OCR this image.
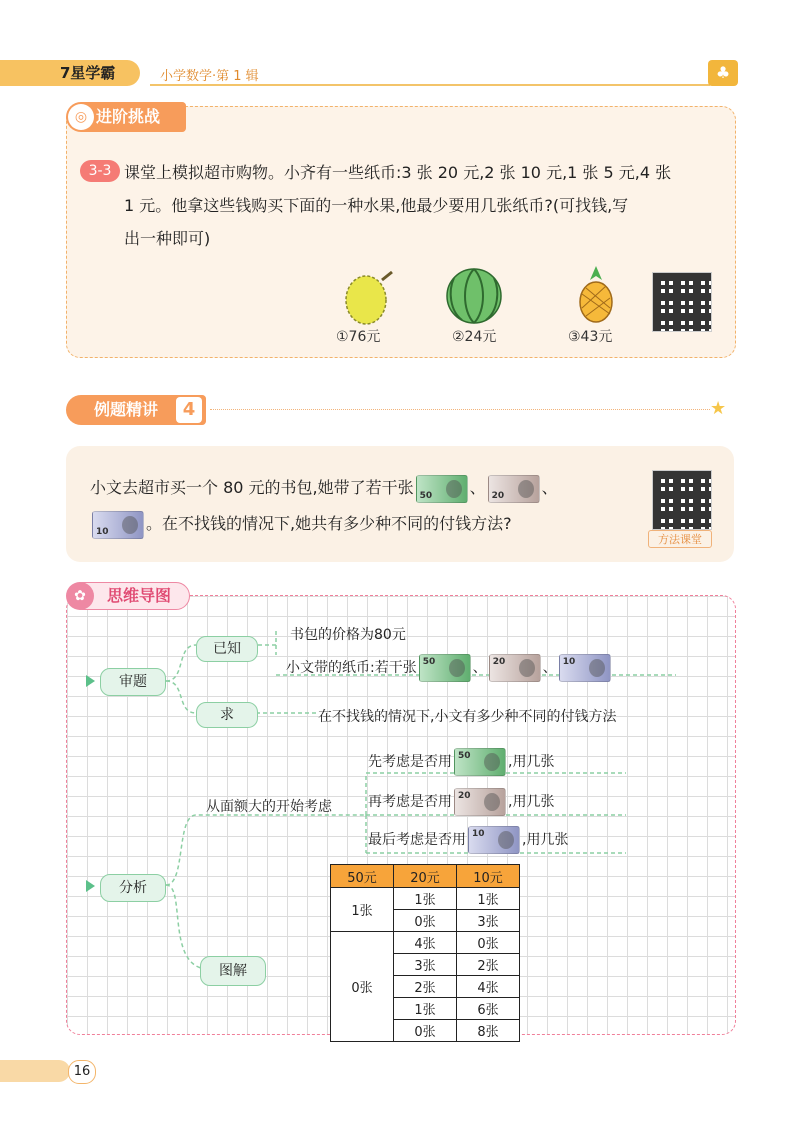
7星学霸	小学数学·第 1 辑	♣
进阶挑战
◎
3-3 课堂上模拟超市购物。小齐有一些纸币:3 张 20 元,2 张 10 元,1 张 5 元,4 张
1 元。他拿这些钱购买下面的一种水果,他最少要用几张纸币?(可找钱,写
出一种即可)
①76元	②24元	③43元
例题精讲	4	★
小文去超市买一个 80 元的书包,她带了若干张 50 、 20 、

10 。在不找钱的情况下,她共有多少种不同的付钱方法?
方法课堂
思维导图
✿
审题
已知
求
书包的价格为80元
小文带的纸币:若干张 50	、 20	、 10
在不找钱的情况下,小文有多少种不同的付钱方法
先考虑是否用 50	,用几张
从面额大的开始考虑	再考虑是否用 20	,用几张
最后考虑是否用 10	,用几张
分析
图解
50元	20元	10元
1张	1张	1张
	0张	3张
0张	4张	0张
	3张	2张
	2张	4张
	1张	6张
	0张	8张
16
